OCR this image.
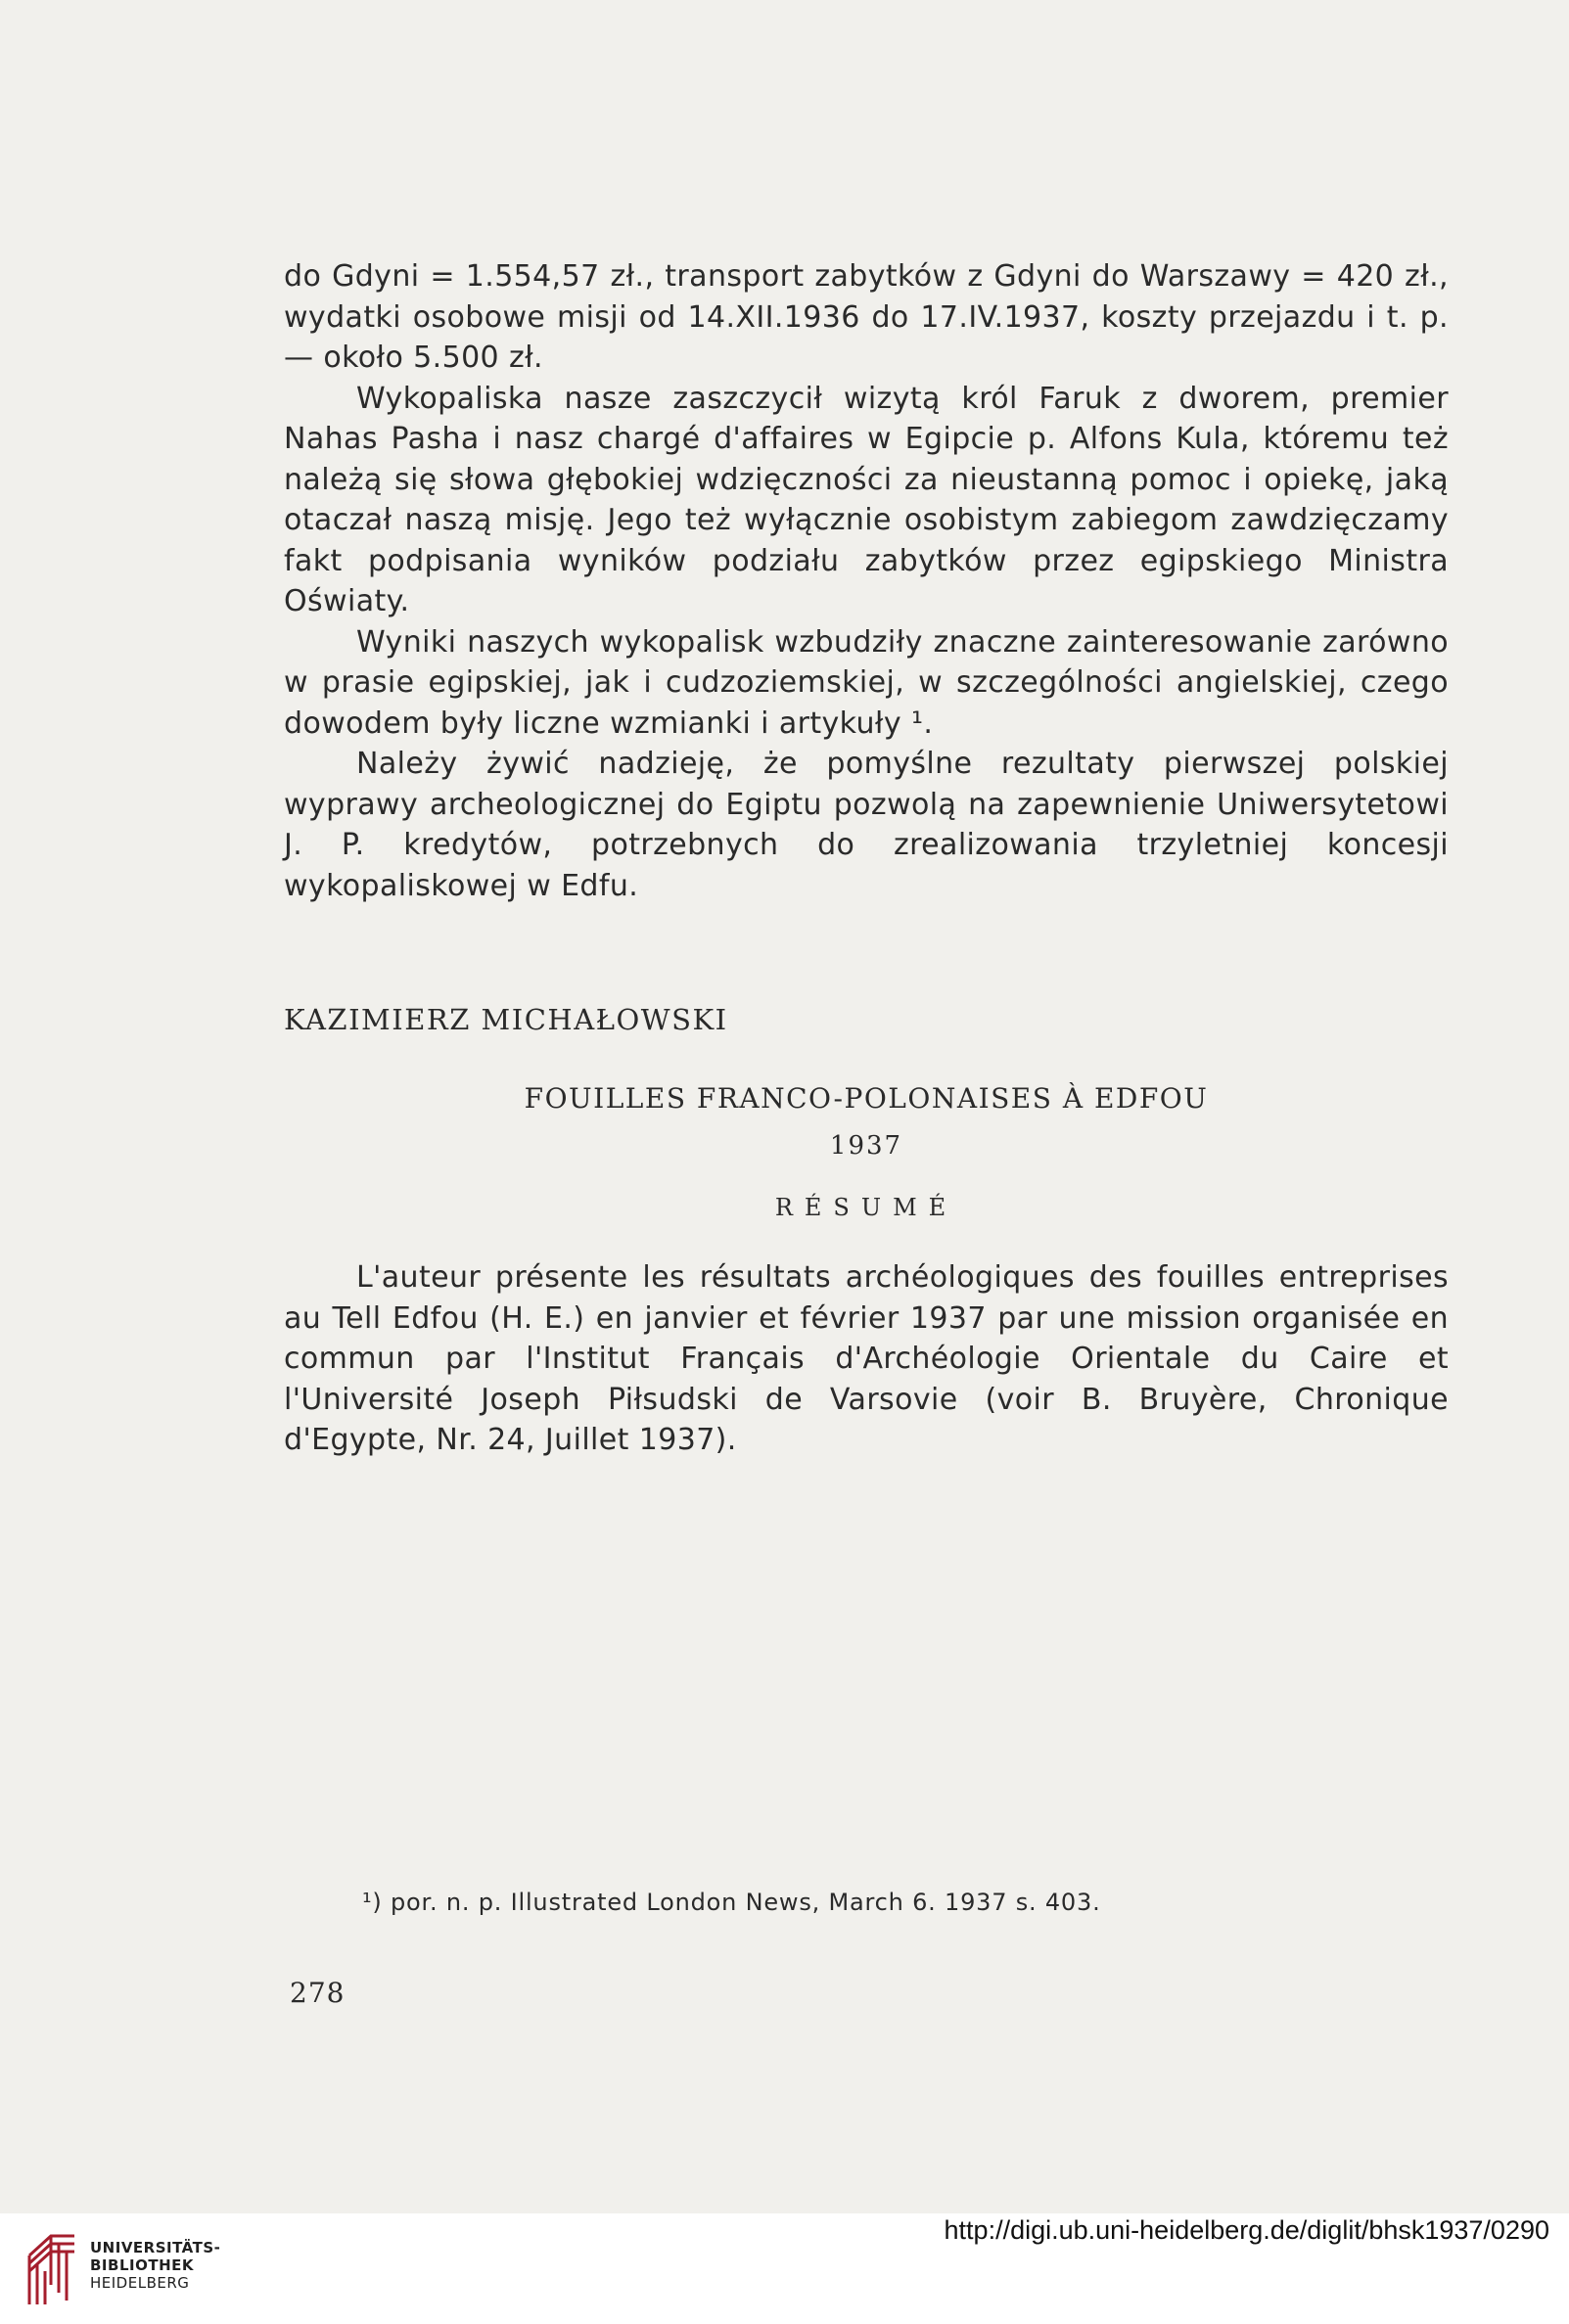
do Gdyni = 1.554,57 zł., transport zabytków z Gdyni do Warszawy = 420 zł., wydatki osobowe misji od 14.XII.1936 do 17.IV.1937, koszty przejazdu i t. p. — około 5.500 zł.

Wykopaliska nasze zaszczycił wizytą król Faruk z dworem, premier Nahas Pasha i nasz chargé d'affaires w Egipcie p. Alfons Kula, któremu też należą się słowa głębokiej wdzięczności za nieustanną pomoc i opiekę, jaką otaczał naszą misję. Jego też wyłącznie osobistym zabiegom zawdzięczamy fakt podpisania wyników podziału zabytków przez egipskiego Ministra Oświaty.

Wyniki naszych wykopalisk wzbudziły znaczne zainteresowanie zarówno w prasie egipskiej, jak i cudzoziemskiej, w szczególności angielskiej, czego dowodem były liczne wzmianki i artykuły ¹.

Należy żywić nadzieję, że pomyślne rezultaty pierwszej polskiej wyprawy archeologicznej do Egiptu pozwolą na zapewnienie Uniwersytetowi J. P. kredytów, potrzebnych do zrealizowania trzyletniej koncesji wykopaliskowej w Edfu.

KAZIMIERZ MICHAŁOWSKI
FOUILLES FRANCO-POLONAISES À EDFOU
1937
RÉSUMÉ

L'auteur présente les résultats archéologiques des fouilles entreprises au Tell Edfou (H. E.) en janvier et février 1937 par une mission organisée en commun par l'Institut Français d'Archéologie Orientale du Caire et l'Université Joseph Piłsudski de Varsovie (voir B. Bruyère, Chronique d'Egypte, Nr. 24, Juillet 1937).

¹) por. n. p. Illustrated London News, March 6. 1937 s. 403.
278
UNIVERSITÄTS-
BIBLIOTHEK
HEIDELBERG
http://digi.ub.uni-heidelberg.de/diglit/bhsk1937/0290
